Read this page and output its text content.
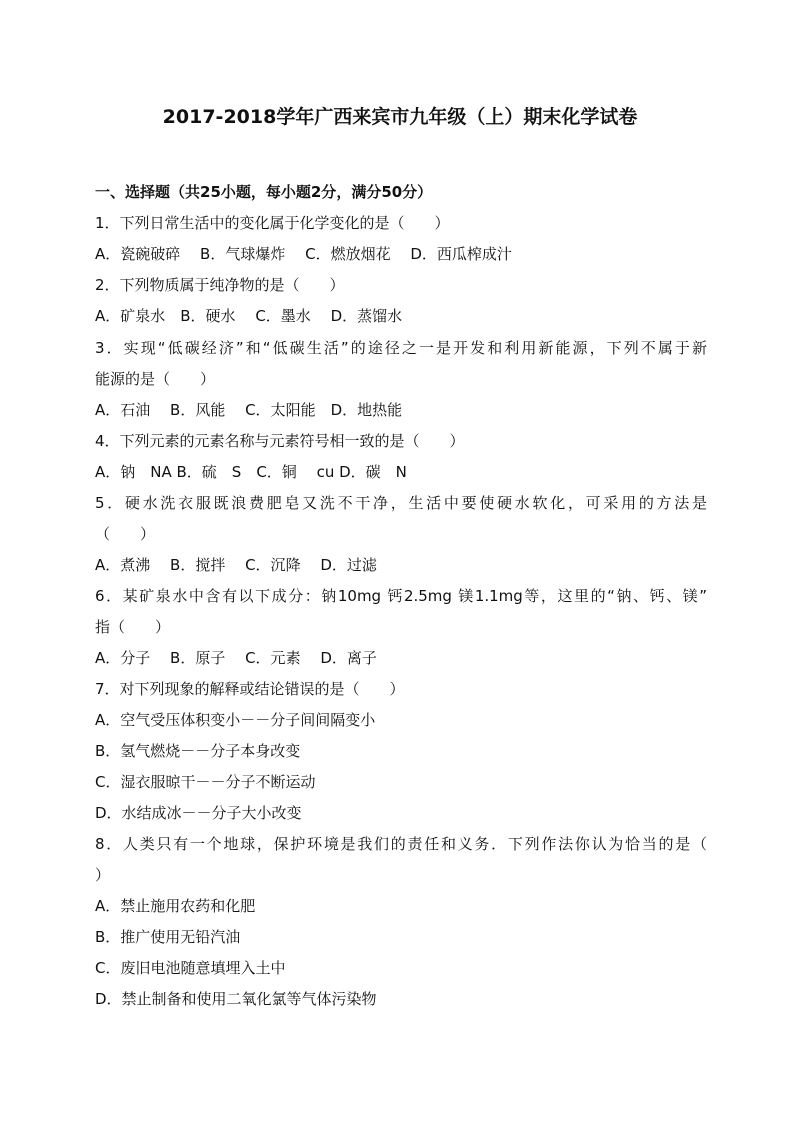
2017-2018学年广西来宾市九年级（上）期末化学试卷
一、选择题（共25小题，每小题2分，满分50分）
1．下列日常生活中的变化属于化学变化的是（　　）
A．瓷碗破碎　 B．气球爆炸　 C．燃放烟花　 D．西瓜榨成汁
2．下列物质属于纯净物的是（　　）
A．矿泉水　B．硬水　 C．墨水　 D．蒸馏水
3．实现“低碳经济”和“低碳生活”的途径之一是开发和利用新能源，下列不属于新
能源的是（　　）
A．石油　 B．风能　 C．太阳能　D．地热能
4．下列元素的元素名称与元素符号相一致的是（　　）
A．钠　NA B．硫　S　C．铜　 cu D．碳　N
5．硬水洗衣服既浪费肥皂又洗不干净，生活中要使硬水软化，可采用的方法是
（　　）
A．煮沸　 B．搅拌　 C．沉降　 D．过滤
6．某矿泉水中含有以下成分：钠10mg 钙2.5mg 镁1.1mg等，这里的“钠、钙、镁”
指（　　）
A．分子　 B．原子　 C．元素　 D．离子
7．对下列现象的解释或结论错误的是（　　）
A．空气受压体积变小－－分子间间隔变小
B．氢气燃烧－－分子本身改变
C．湿衣服晾干－－分子不断运动
D．水结成冰－－分子大小改变
8．人类只有一个地球，保护环境是我们的责任和义务．下列作法你认为恰当的是（
）
A．禁止施用农药和化肥
B．推广使用无铅汽油
C．废旧电池随意填埋入土中
D．禁止制备和使用二氧化氯等气体污染物
